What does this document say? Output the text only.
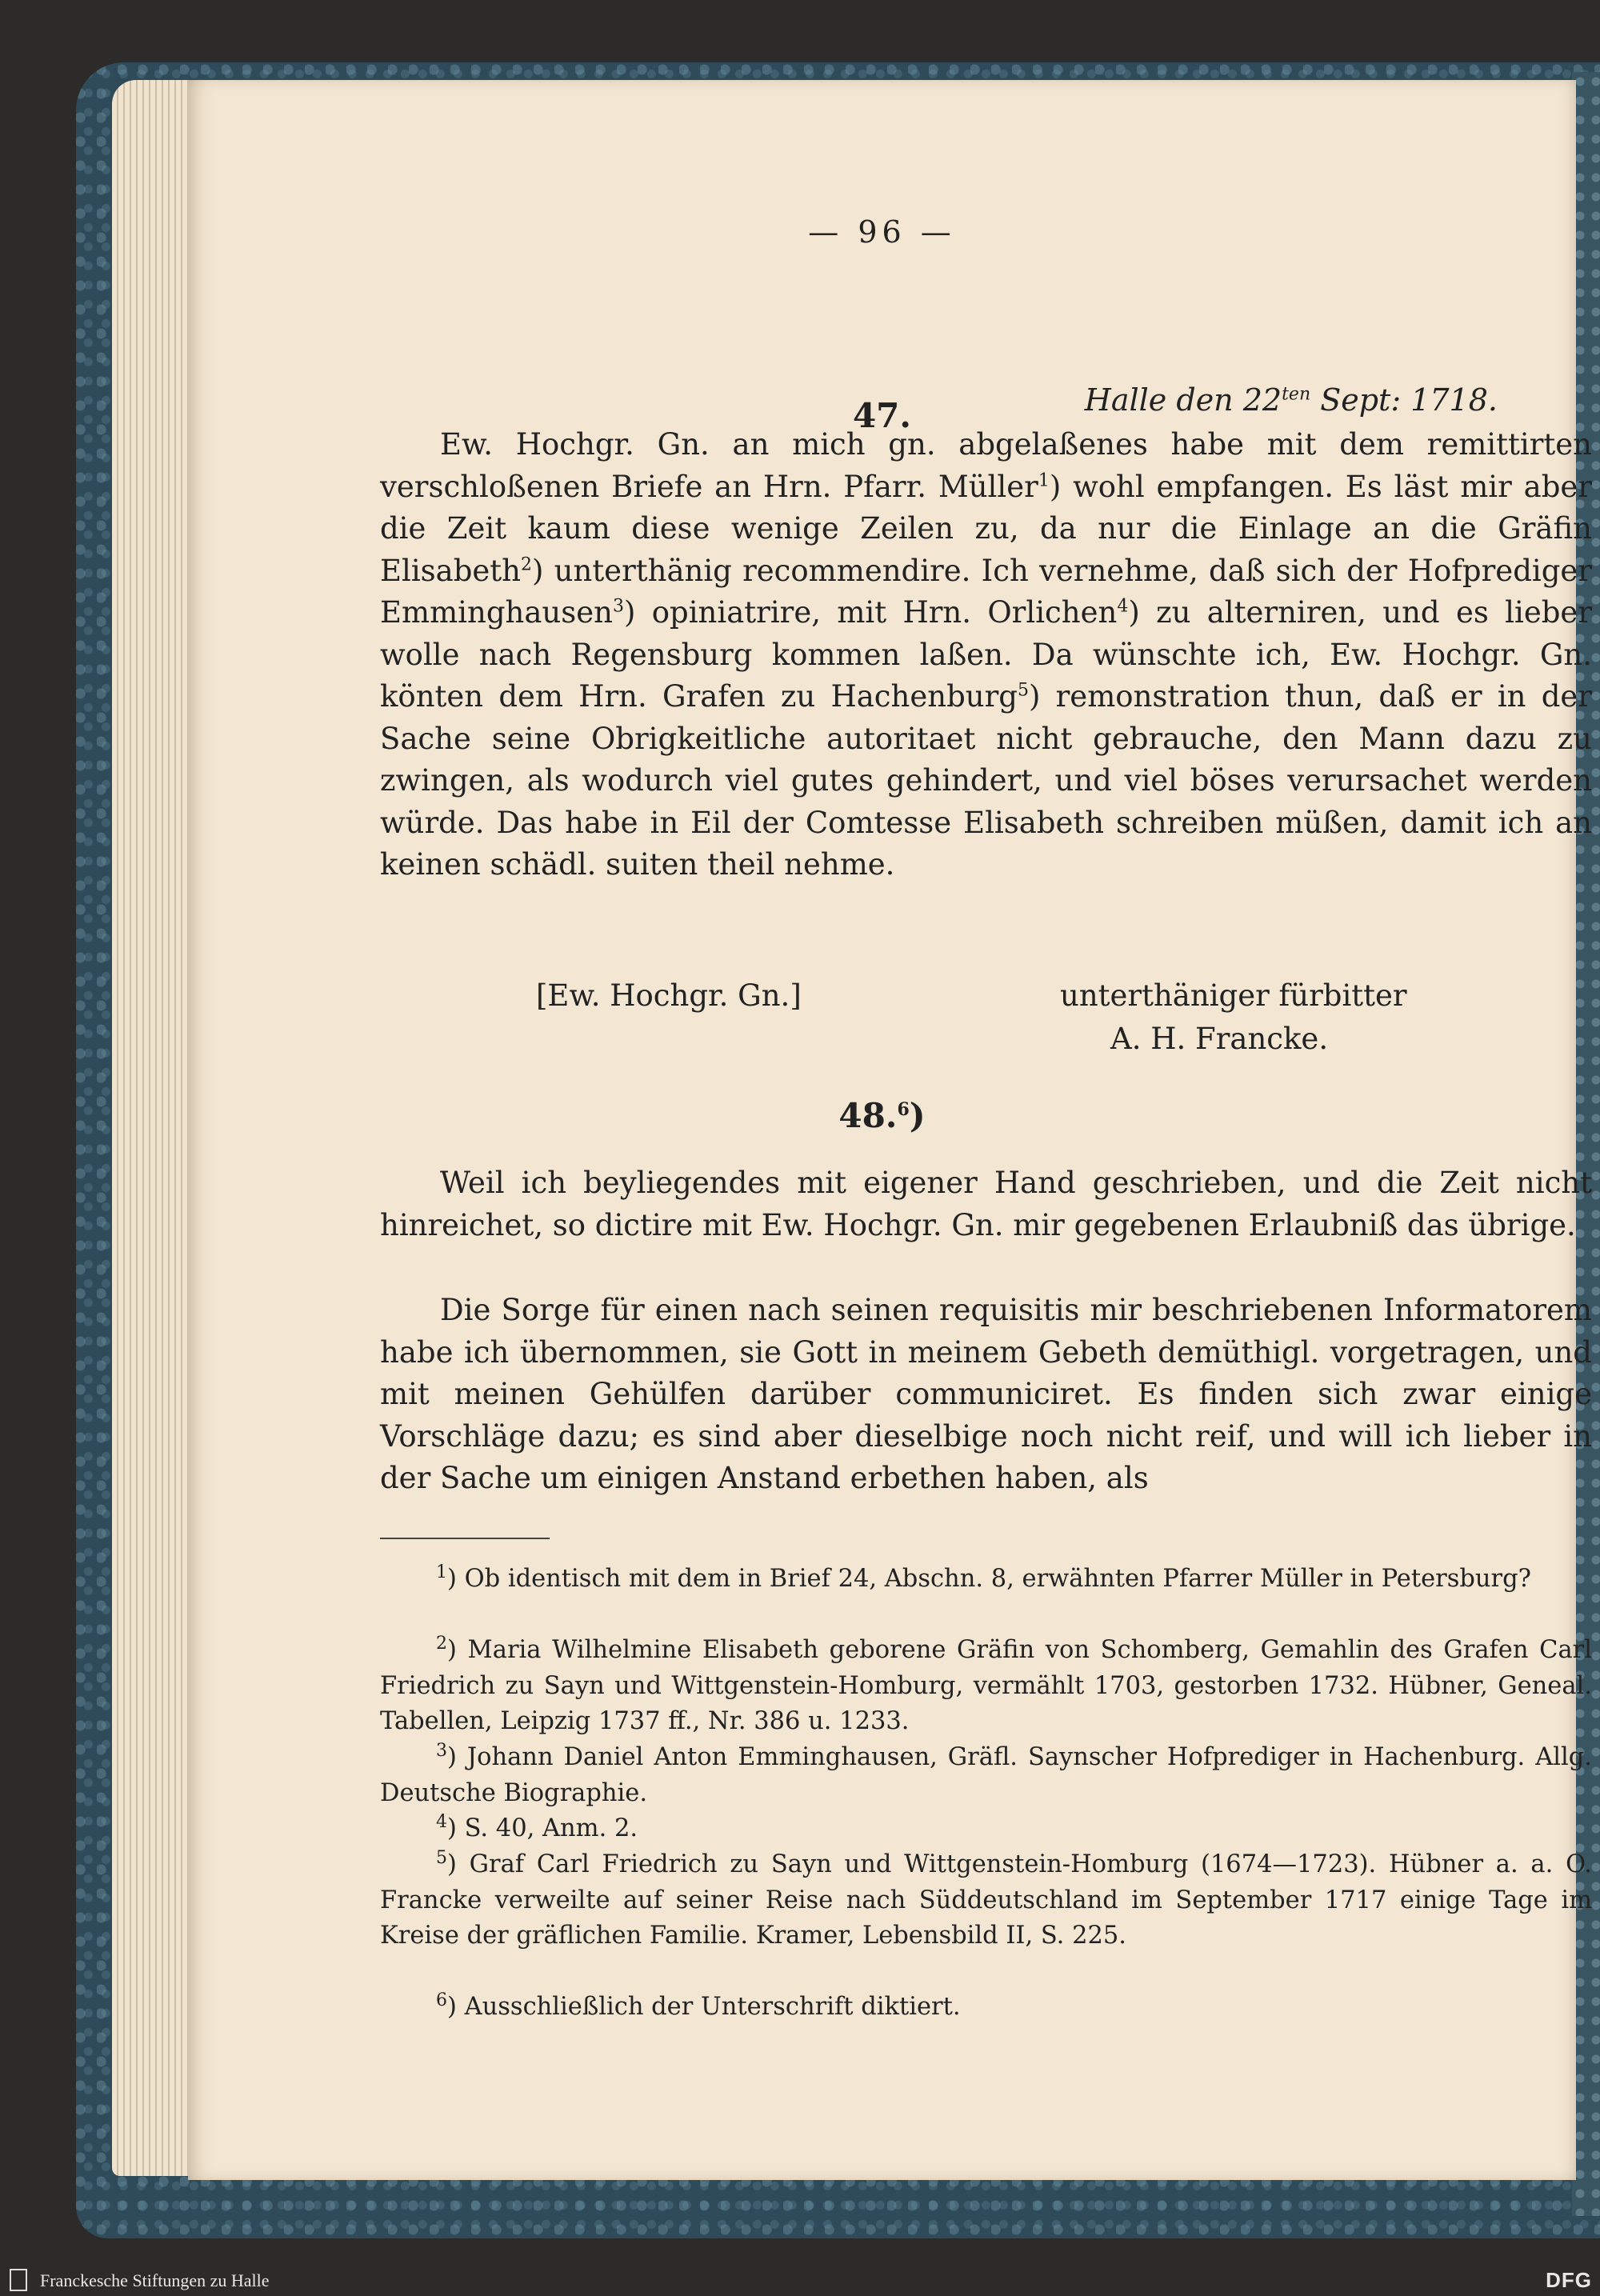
— 96 —
47.	Halle den $22^{ten}$ Sept: 1718.
Ew. Hochgr. Gn. an mich gn. abgelaßenes habe mit dem remittirten verschloßenen Briefe an Hrn. Pfarr. Müller$^1$) wohl empfangen. Es läst mir aber die Zeit kaum diese wenige Zeilen zu, da nur die Einlage an die Gräfin Elisabeth$^2$) unterthänig recommendire. Ich vernehme, daß sich der Hofprediger Emminghausen$^3$) opiniatrire, mit Hrn. Orlichen$^4$) zu alterniren, und es lieber wolle nach Regensburg kommen laßen. Da wünschte ich, Ew. Hochgr. Gn. könten dem Hrn. Grafen zu Hachenburg$^5$) remonstration thun, daß er in der Sache seine Obrigkeitliche autoritaet nicht gebrauche, den Mann dazu zu zwingen, als wodurch viel gutes gehindert, und viel böses verursachet werden würde. Das habe in Eil der Comtesse Elisabeth schreiben müßen, damit ich an keinen schädl. suiten theil nehme.
[Ew. Hochgr. Gn.]	unterthäniger fürbitter
A. H. Francke.
48.$^6$)
Weil ich beyliegendes mit eigener Hand geschrieben, und die Zeit nicht hinreichet, so dictire mit Ew. Hochgr. Gn. mir gegebenen Erlaubniß das übrige.
Die Sorge für einen nach seinen requisitis mir beschriebenen Informatorem habe ich übernommen, sie Gott in meinem Gebeth demüthigl. vorgetragen, und mit meinen Gehülfen darüber communiciret. Es finden sich zwar einige Vorschläge dazu; es sind aber dieselbige noch nicht reif, und will ich lieber in der Sache um einigen Anstand erbethen haben, als
$^1$) Ob identisch mit dem in Brief 24, Abschn. 8, erwähnten Pfarrer Müller in Petersburg?
$^2$) Maria Wilhelmine Elisabeth geborene Gräfin von Schomberg, Gemahlin des Grafen Carl Friedrich zu Sayn und Wittgenstein-Homburg, vermählt 1703, gestorben 1732. Hübner, Geneal. Tabellen, Leipzig 1737 ff., Nr. 386 u. 1233.
$^3$) Johann Daniel Anton Emminghausen, Gräfl. Saynscher Hofprediger in Hachenburg. Allg. Deutsche Biographie.
$^4$) S. 40, Anm. 2.
$^5$) Graf Carl Friedrich zu Sayn und Wittgenstein-Homburg (1674—1723). Hübner a. a. O. Francke verweilte auf seiner Reise nach Süddeutschland im September 1717 einige Tage im Kreise der gräflichen Familie. Kramer, Lebensbild II, S. 225.
$^6$) Ausschließlich der Unterschrift diktiert.
Franckesche Stiftungen zu Halle	DFG
